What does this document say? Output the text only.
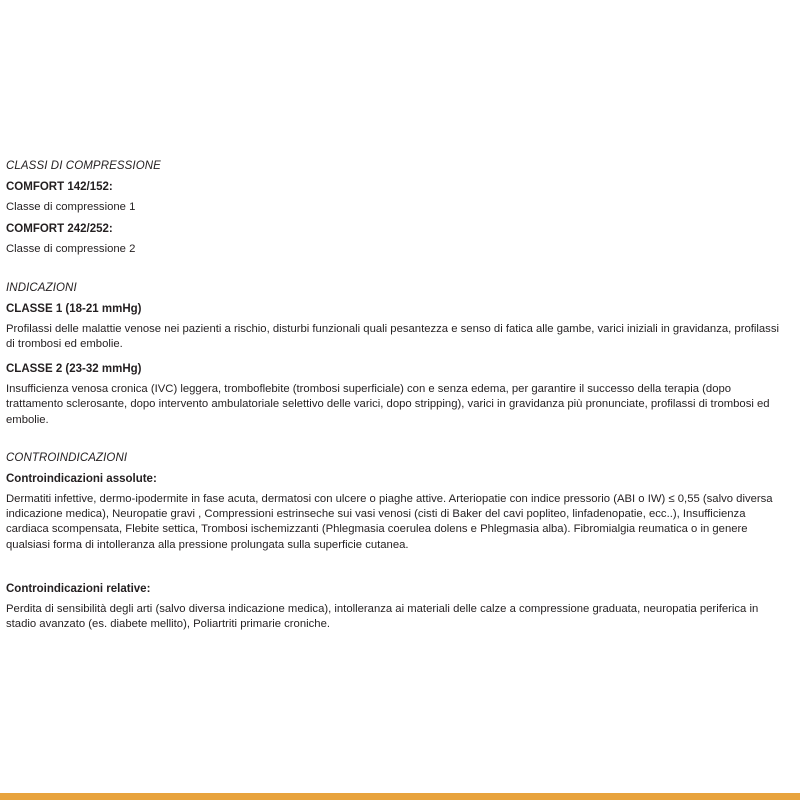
CLASSI DI COMPRESSIONE

COMFORT 142/152:

Classe di compressione 1

COMFORT 242/252:

Classe di compressione 2

INDICAZIONI

CLASSE 1 (18-21 mmHg)

Profilassi delle malattie venose nei pazienti a rischio, disturbi funzionali quali pesantezza e senso di fatica alle gambe, varici iniziali in gravidanza, profilassi di trombosi ed embolie.

CLASSE 2 (23-32 mmHg)

Insufficienza venosa cronica (IVC) leggera, tromboflebite (trombosi superficiale) con e senza edema, per garantire il successo della terapia (dopo trattamento sclerosante, dopo intervento ambulatoriale selettivo delle varici, dopo stripping), varici in gravidanza più pronunciate, profilassi di trombosi ed embolie.

CONTROINDICAZIONI

Controindicazioni assolute:

Dermatiti infettive, dermo-ipodermite in fase acuta, dermatosi con ulcere o piaghe attive. Arteriopatie con indice pressorio (ABI o IW) ≤ 0,55 (salvo diversa indicazione medica), Neuropatie gravi , Compressioni estrinseche sui vasi venosi (cisti di Baker del cavi popliteo, linfadenopatie, ecc..), Insufficienza cardiaca scompensata, Flebite settica, Trombosi ischemizzanti (Phlegmasia coerulea dolens e Phlegmasia alba). Fibromialgia reumatica o in genere qualsiasi forma di intolleranza alla pressione prolungata sulla superficie cutanea.

Controindicazioni relative:

Perdita di sensibilità degli arti (salvo diversa indicazione medica), intolleranza ai materiali delle calze a compressione graduata, neuropatia periferica in stadio avanzato (es. diabete mellito), Poliartriti primarie croniche.
